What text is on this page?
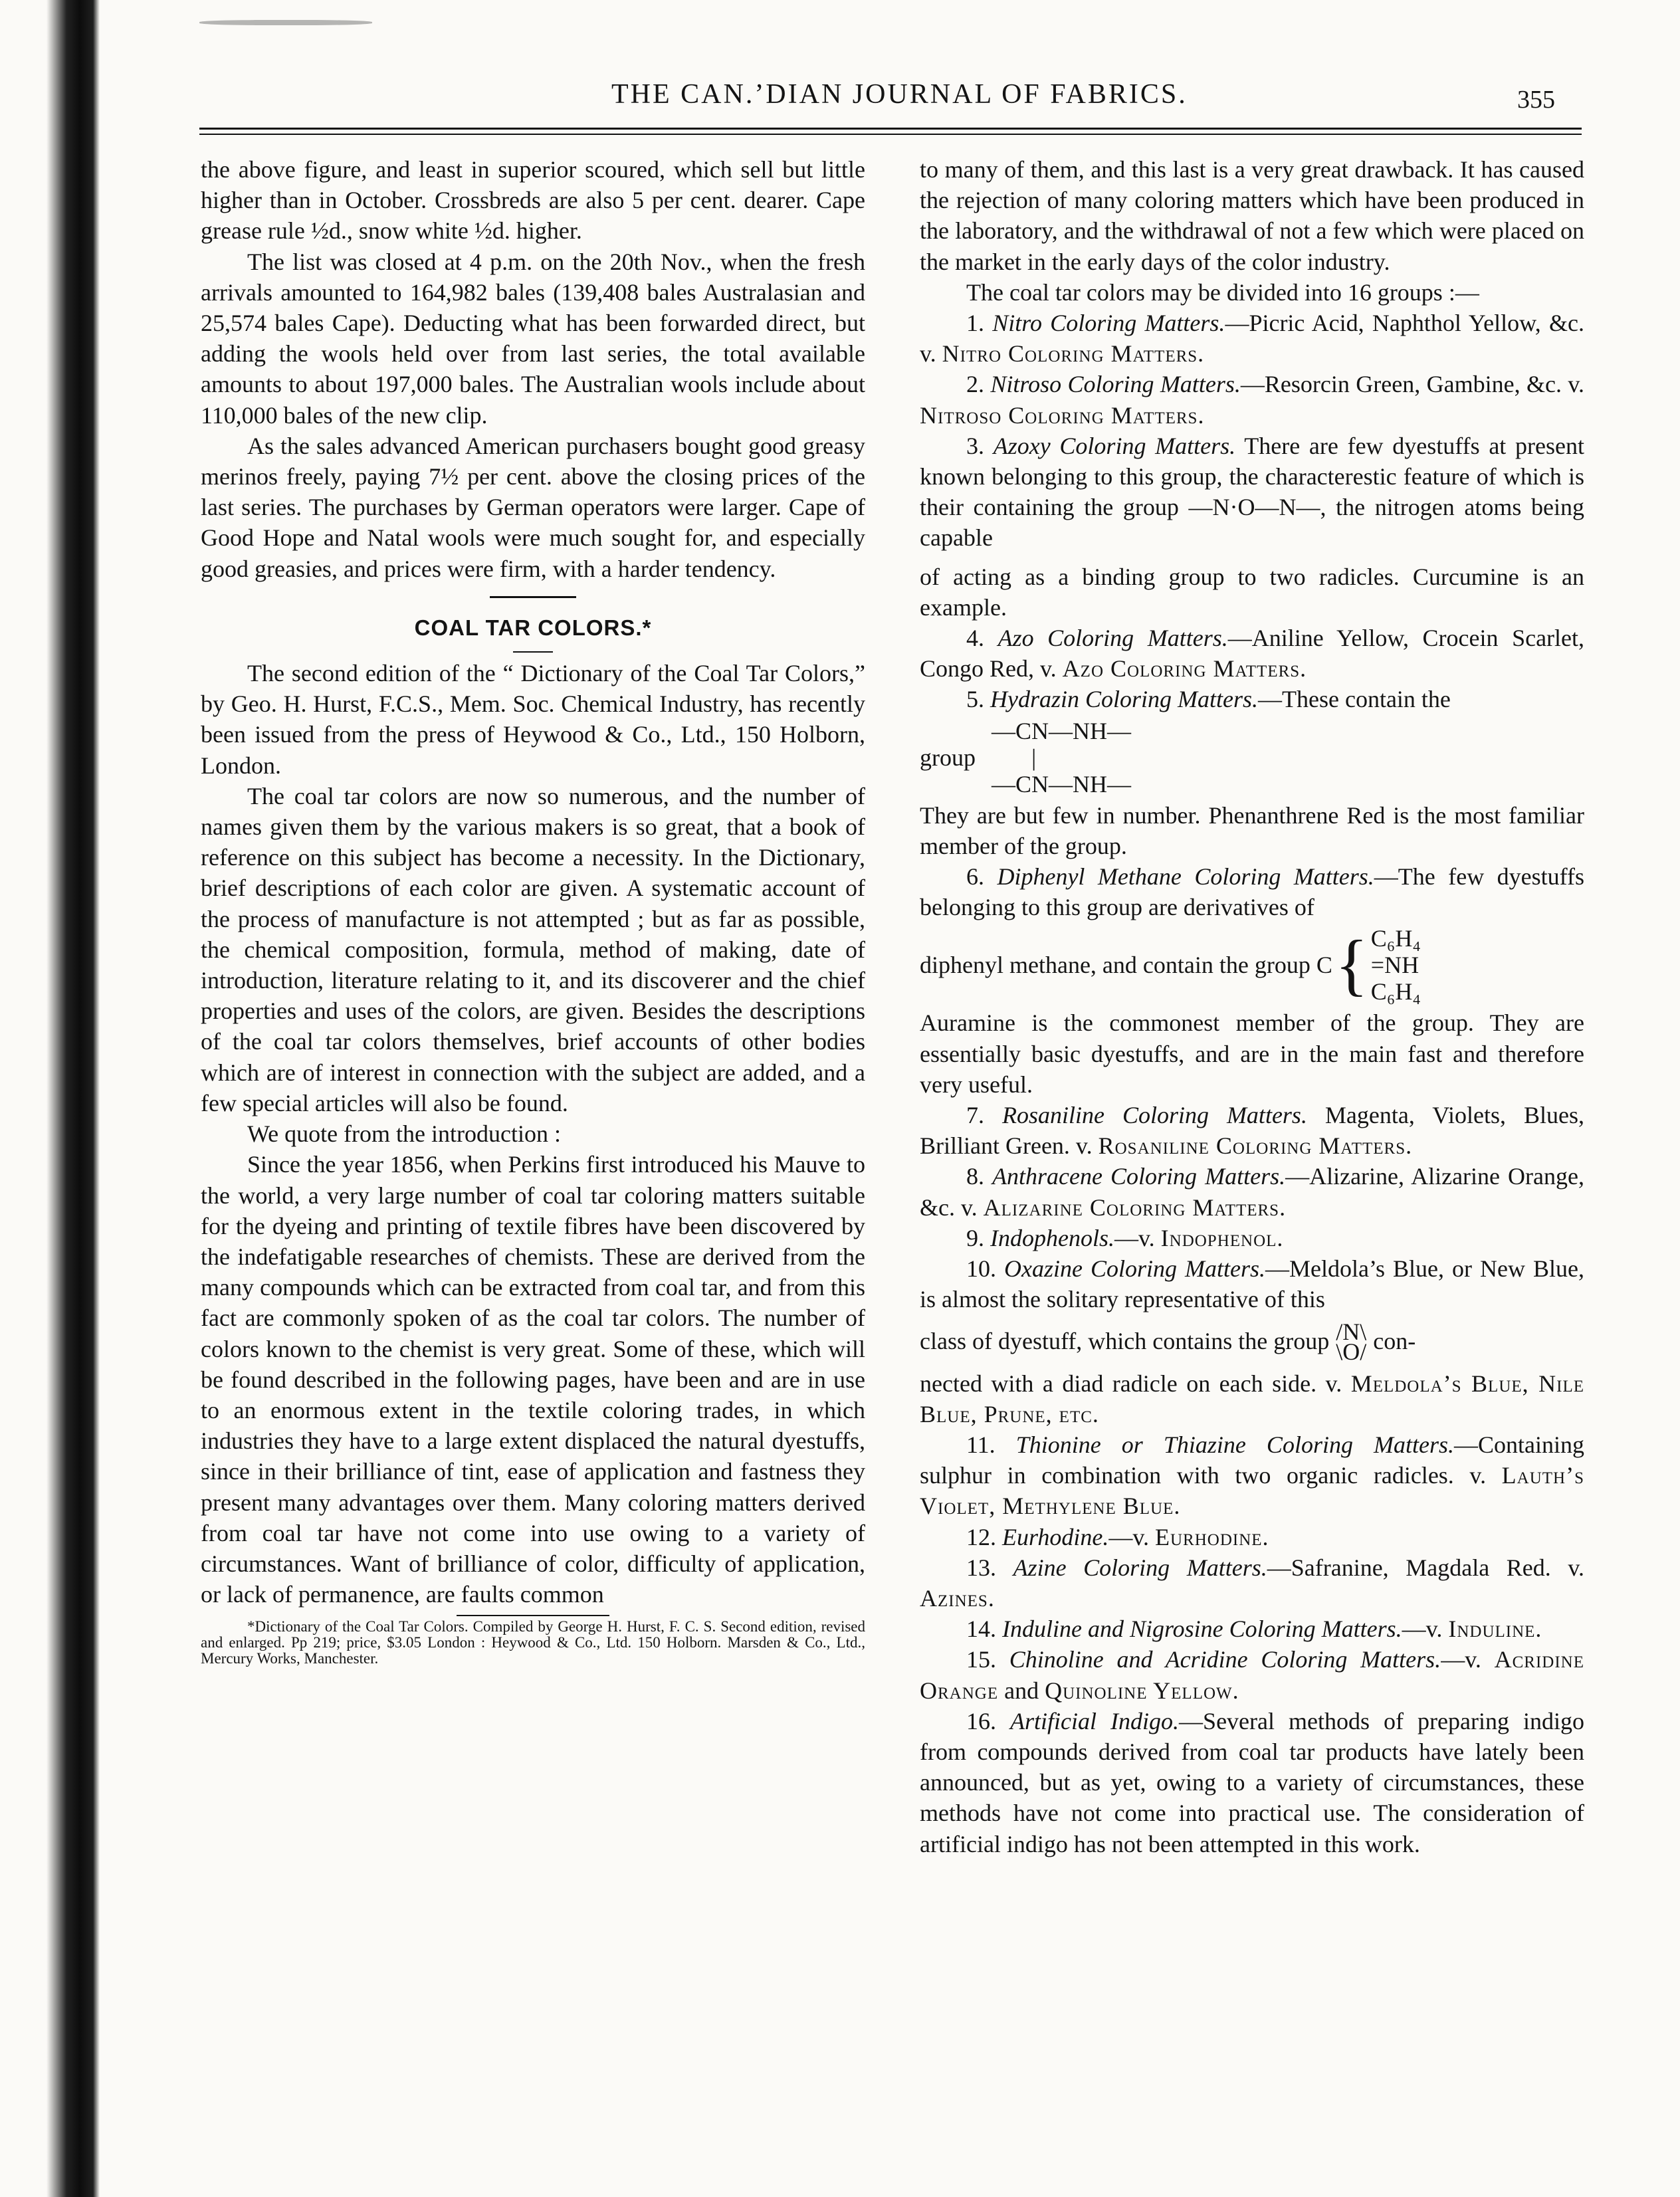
THE CAN.’DIAN JOURNAL OF FABRICS.	355

the above figure, and least in superior scoured, which sell but little higher than in October. Crossbreds are also 5 per cent. dearer. Cape grease rule ½d., snow white ½d. higher.

The list was closed at 4 p.m. on the 20th Nov., when the fresh arrivals amounted to 164,982 bales (139,408 bales Australasian and 25,574 bales Cape). Deducting what has been forwarded direct, but adding the wools held over from last series, the total available amounts to about 197,000 bales. The Australian wools include about 110,000 bales of the new clip.

As the sales advanced American purchasers bought good greasy merinos freely, paying 7½ per cent. above the closing prices of the last series. The purchases by German operators were larger. Cape of Good Hope and Natal wools were much sought for, and especially good greasies, and prices were firm, with a harder tendency.

COAL TAR COLORS.*

The second edition of the “ Dictionary of the Coal Tar Colors,” by Geo. H. Hurst, F.C.S., Mem. Soc. Chemical Industry, has recently been issued from the press of Heywood & Co., Ltd., 150 Holborn, London.

The coal tar colors are now so numerous, and the number of names given them by the various makers is so great, that a book of reference on this subject has become a necessity. In the Dictionary, brief descriptions of each color are given. A systematic account of the process of manufacture is not attempted ; but as far as possible, the chemical composition, formula, method of making, date of introduction, literature relating to it, and its discoverer and the chief properties and uses of the colors, are given. Besides the descriptions of the coal tar colors themselves, brief accounts of other bodies which are of interest in connection with the subject are added, and a few special articles will also be found.

We quote from the introduction :

Since the year 1856, when Perkins first introduced his Mauve to the world, a very large number of coal tar coloring matters suitable for the dyeing and printing of textile fibres have been discovered by the indefatigable researches of chemists. These are derived from the many compounds which can be extracted from coal tar, and from this fact are commonly spoken of as the coal tar colors. The number of colors known to the chemist is very great. Some of these, which will be found described in the following pages, have been and are in use to an enormous extent in the textile coloring trades, in which industries they have to a large extent displaced the natural dyestuffs, since in their brilliance of tint, ease of application and fastness they present many advantages over them. Many coloring matters derived from coal tar have not come into use owing to a variety of circumstances. Want of brilliance of color, difficulty of application, or lack of permanence, are faults common

*Dictionary of the Coal Tar Colors. Compiled by George H. Hurst, F. C. S. Second edition, revised and enlarged. Pp 219; price, $3.05 London : Heywood & Co., Ltd. 150 Holborn. Marsden & Co., Ltd., Mercury Works, Manchester.

to many of them, and this last is a very great drawback. It has caused the rejection of many coloring matters which have been produced in the laboratory, and the withdrawal of not a few which were placed on the market in the early days of the color industry.

The coal tar colors may be divided into 16 groups :—

1. Nitro Coloring Matters.—Picric Acid, Naphthol Yellow, &c. v. Nitro Coloring Matters.

2. Nitroso Coloring Matters.—Resorcin Green, Gambine, &c. v. Nitroso Coloring Matters.

3. Azoxy Coloring Matters. There are few dyestuffs at present known belonging to this group, the characterestic feature of which is their containing the group —N·O—N—, the nitrogen atoms being capable

of acting as a binding group to two radicles. Curcumine is an example.

4. Azo Coloring Matters.—Aniline Yellow, Crocein Scarlet, Congo Red, v. Azo Coloring Matters.

5. Hydrazin Coloring Matters.—These contain the

group
—CN—NH—
|
—CN—NH—

They are but few in number. Phenanthrene Red is the most familiar member of the group.

6. Diphenyl Methane Coloring Matters.—The few dyestuffs belonging to this group are derivatives of

diphenyl methane, and contain the group C { C₆H₄
=NH
C₆H₄

Auramine is the commonest member of the group. They are essentially basic dyestuffs, and are in the main fast and therefore very useful.

7. Rosaniline Coloring Matters. Magenta, Violets, Blues, Brilliant Green. v. Rosaniline Coloring Matters.

8. Anthracene Coloring Matters.—Alizarine, Alizarine Orange, &c. v. Alizarine Coloring Matters.

9. Indophenols.—v. Indophenol.

10. Oxazine Coloring Matters.—Meldola’s Blue, or New Blue, is almost the solitary representative of this

class of dyestuff, which contains the group /N\
\O/ con-

nected with a diad radicle on each side. v. Meldola’s Blue, Nile Blue, Prune, etc.

11. Thionine or Thiazine Coloring Matters.—Containing sulphur in combination with two organic radicles. v. Lauth’s Violet, Methylene Blue.

12. Eurhodine.—v. Eurhodine.

13. Azine Coloring Matters.—Safranine, Magdala Red. v. Azines.

14. Induline and Nigrosine Coloring Matters.—v. Induline.

15. Chinoline and Acridine Coloring Matters.—v. Acridine Orange and Quinoline Yellow.

16. Artificial Indigo.—Several methods of preparing indigo from compounds derived from coal tar products have lately been announced, but as yet, owing to a variety of circumstances, these methods have not come into practical use. The consideration of artificial indigo has not been attempted in this work.
